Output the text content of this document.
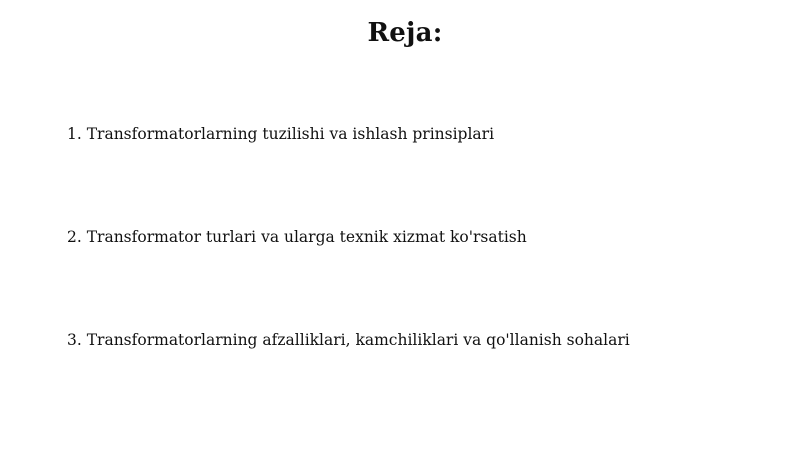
Reja:
1. Transformatorlarning tuzilishi va ishlash prinsiplari
2. Transformator turlari va ularga texnik xizmat ko'rsatish
3. Transformatorlarning afzalliklari, kamchiliklari va qo'llanish sohalari
